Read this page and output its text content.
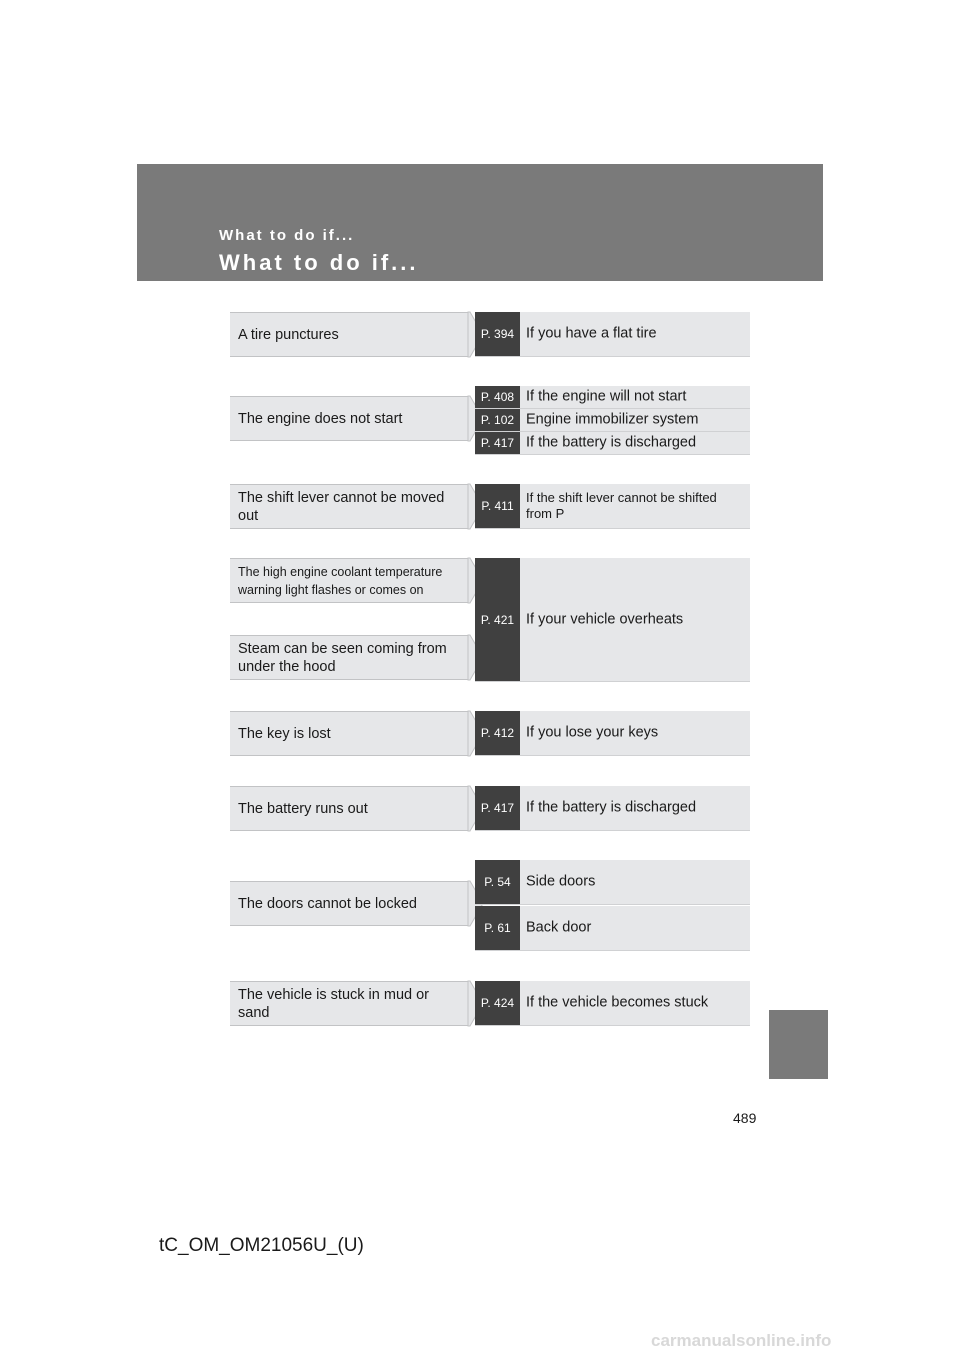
What to do if...
What to do if...
A tire punctures
The engine does not start
The shift lever cannot be moved out
The high engine coolant temperature warning light flashes or comes on
Steam can be seen coming from under the hood
The key is lost
The battery runs out
The doors cannot be locked
The vehicle is stuck in mud or sand
P. 394 If you have a flat tire
P. 408 If the engine will not start
P. 102 Engine immobilizer system
P. 417 If the battery is discharged
P. 411
If the shift lever cannot be shifted from P
P. 421 If your vehicle overheats
P. 412 If you lose your keys
P. 417 If the battery is discharged
P. 54	Side doors
P. 61	Back door
P. 424 If the vehicle becomes stuck
489
tC_OM_OM21056U_(U)
carmanualsonline.info
